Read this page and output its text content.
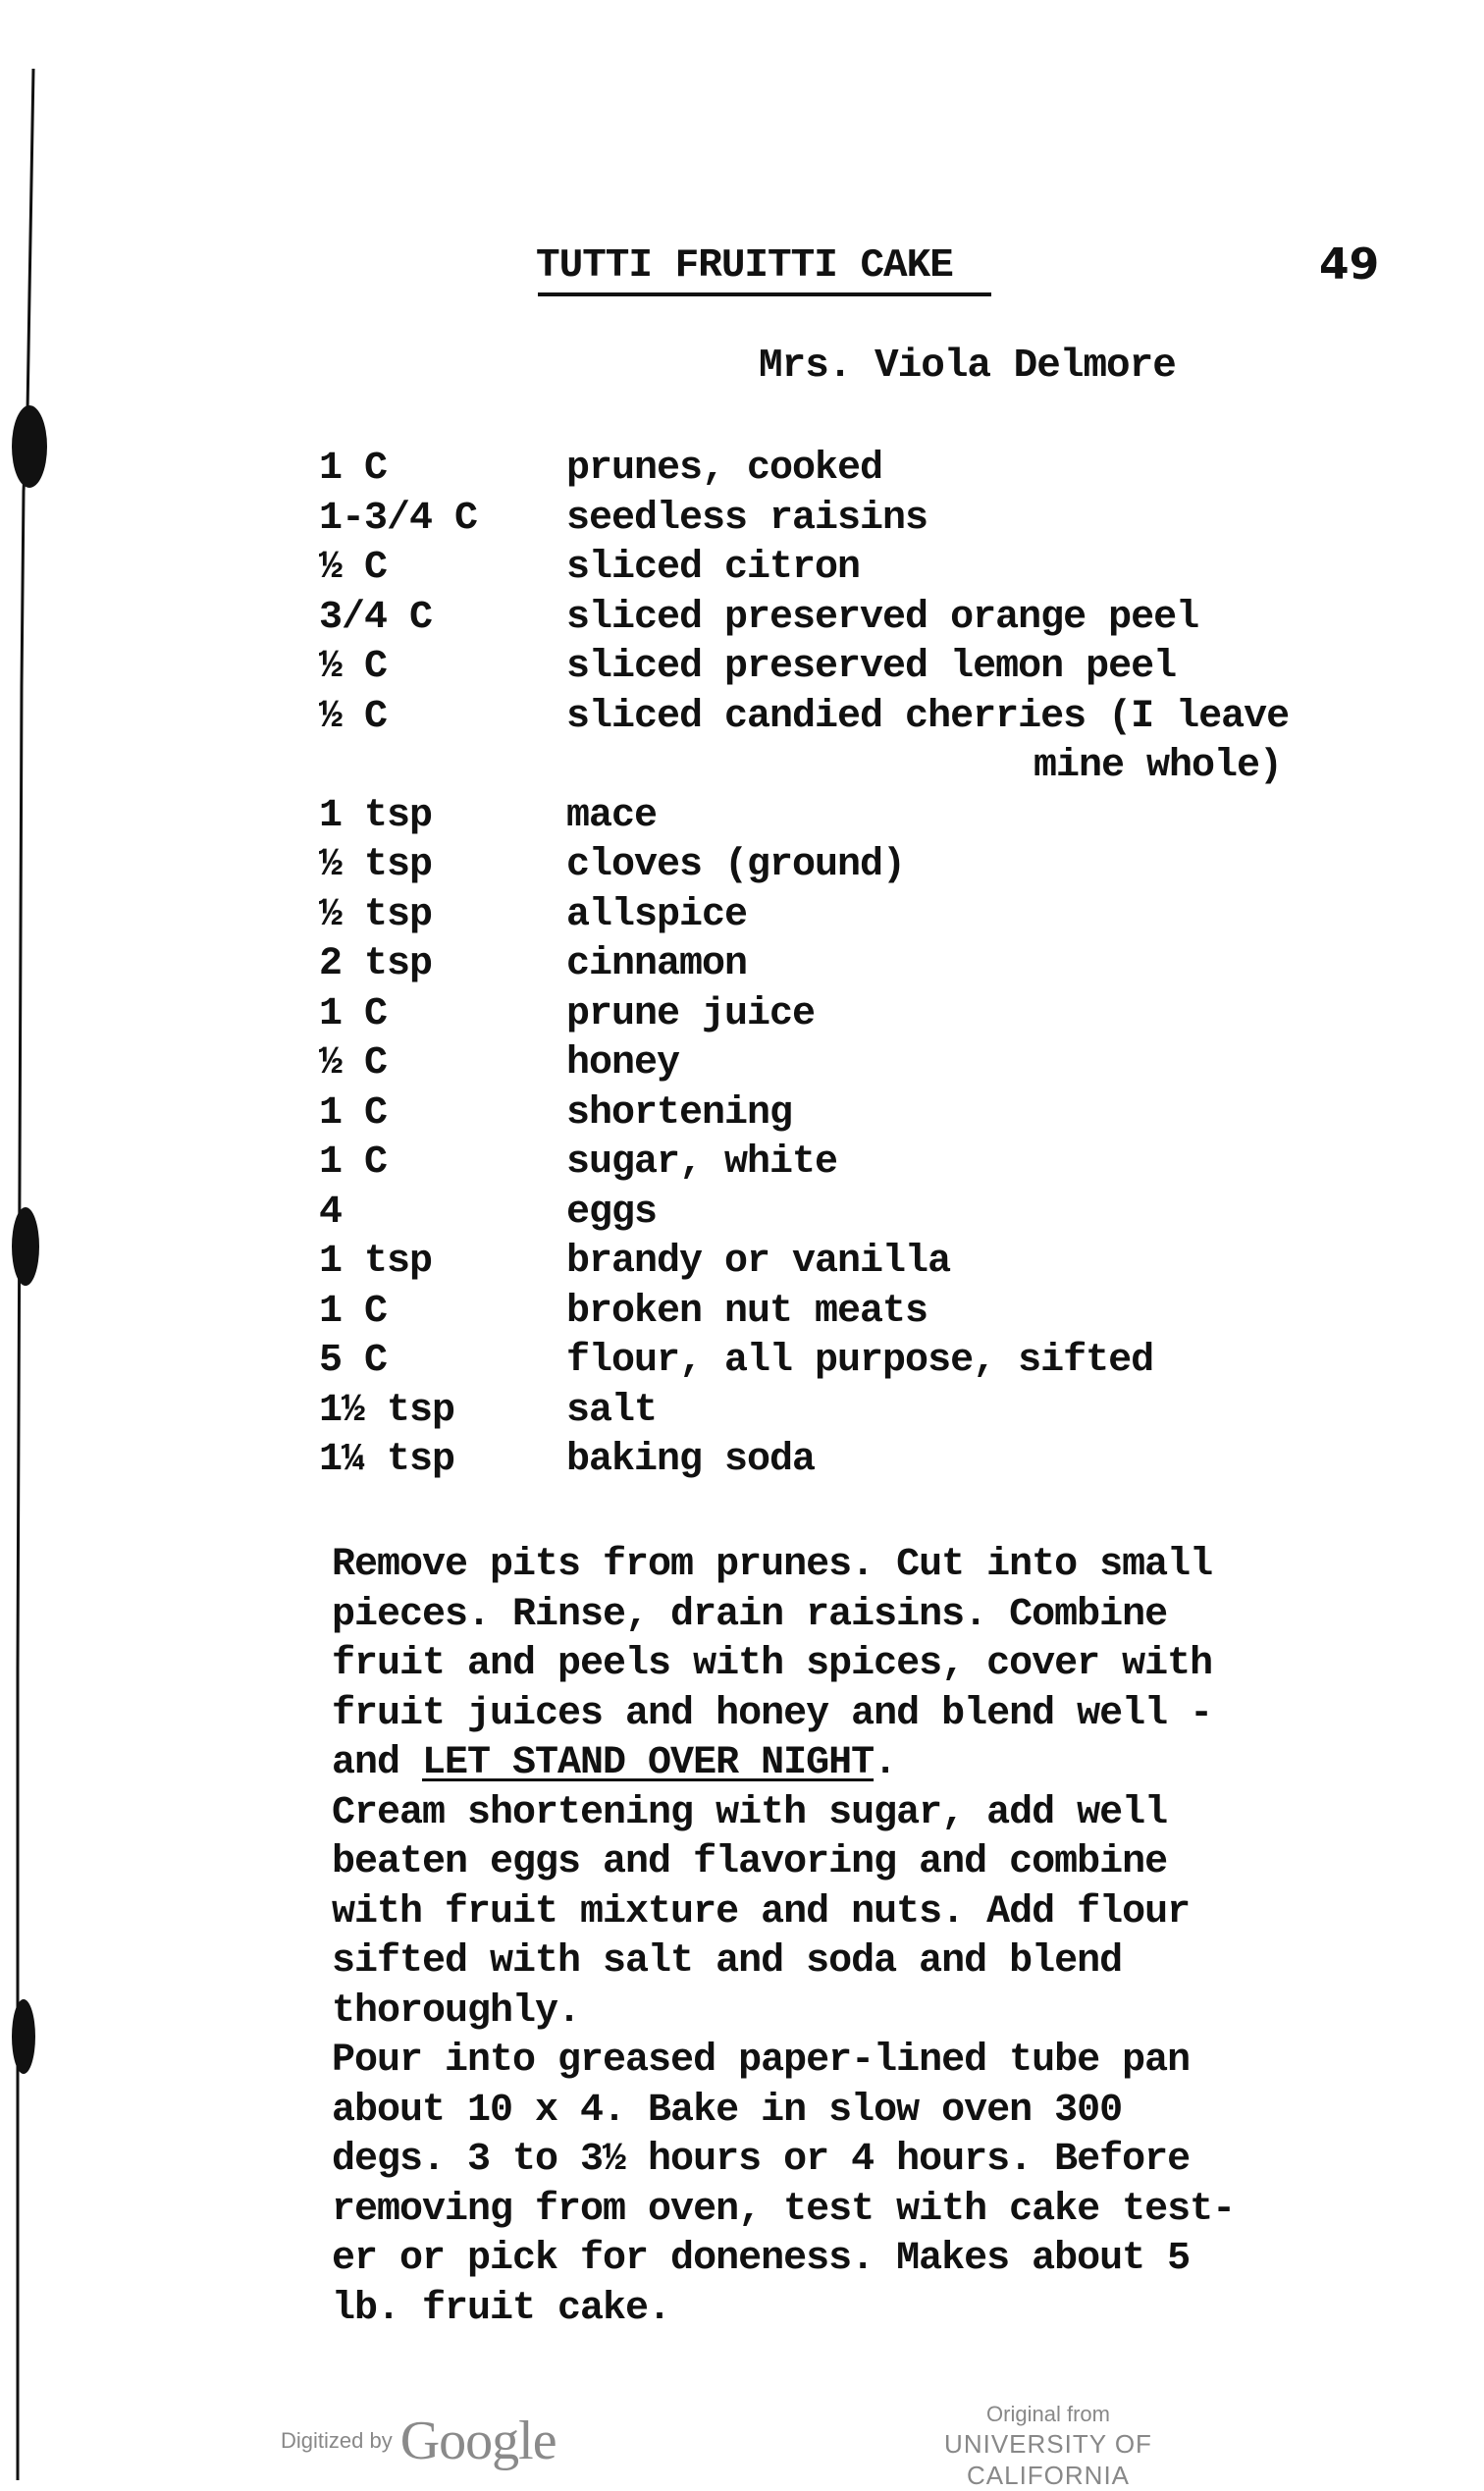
TUTTI FRUITTI CAKE	49
Mrs. Viola Delmore
1 C	prunes, cooked
1-3/4 C seedless raisins
½ C	sliced citron
3/4 C	sliced preserved orange peel
½ C	sliced preserved lemon peel
½ C	sliced candied cherries (I leave
mine whole)
1 tsp	mace
½ tsp	cloves (ground)
½ tsp	allspice
2 tsp	cinnamon
1 C	prune juice
½ C	honey
1 C	shortening
1 C	sugar, white
4	eggs
1 tsp	brandy or vanilla
1 C	broken nut meats
5 C	flour, all purpose, sifted
1½ tsp	salt
1¼ tsp	baking soda
Remove pits from prunes. Cut into small
pieces. Rinse, drain raisins. Combine
fruit and peels with spices, cover with
fruit juices and honey and blend well -
and LET STAND OVER NIGHT.
Cream shortening with sugar, add well
beaten eggs and flavoring and combine
with fruit mixture and nuts. Add flour
sifted with salt and soda and blend
thoroughly.
Pour into greased paper-lined tube pan
about 10 x 4. Bake in slow oven 300
degs. 3 to 3½ hours or 4 hours. Before
removing from oven, test with cake test-
er or pick for doneness. Makes about 5
lb. fruit cake.
Digitized by Google	Original from
UNIVERSITY OF CALIFORNIA
